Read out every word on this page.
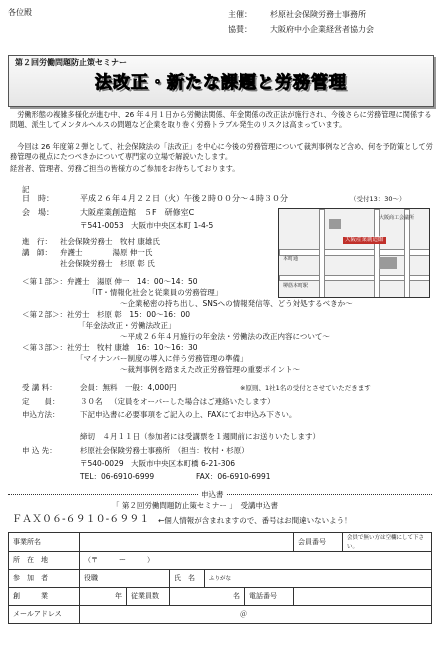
各位殿	主催： 杉原社会保険労務士事務所
協賛： 大阪府中小企業経営者協力会
第２回労働問題防止策セミナー
法改正・新たな課題と労務管理
労働形態の複雑多様化が進む中、26 年４月１日から労働法関係、年金関係の改正法が施行され、今後さらに労務管理に関係する問題、派生してメンタルヘルスの問題など企業を取り巻く労務トラブル発生のリスクは高まっています。
今回は 26 年度第２弾として、社会保険法の「法改正」を中心に今後の労務管理について裁判事例など含め、何を予防策として労務管理の視点にたつべきかについて専門家の立場で解説いたします。
経営者、管理者、労務ご担当の皆様方のご参加をお待ちしております。
記
日　時：	平成２６年４月２２日（火）午後２時００分～４時３０分	（受付13：30～）
会　場：	大阪産業創造館　５F　研修室C
〒541-0053　大阪市中央区本町 1-4-5
進　行： 社会保険労務士　牧村 康雄氏
講　師： 弁護士　　　　湯原 伸一氏
社会保険労務士　杉原 彰 氏
大阪産業創造館
大阪商工会議所
本町通
堺筋本町駅
＜第１部＞：弁護士　湯原 伸一　14：00～14：50
「IT・情報化社会と従業員の労務管理」
～企業秘密の持ち出し、SNSへの情報発信等、どう対処するべきか～
＜第２部＞：社労士　杉原 彰　15：00～16：00
「年金法改正・労働法改正」
～平成２６年４月施行の年金法・労働法の改正内容について～
＜第３部＞：社労士　牧村 康雄　16：10～16：30
「マイナンバー制度の導入に伴う労務管理の準備」
～裁判事例を踏まえた改正労務管理の重要ポイント～
受 講 料：	会員：無料　一般：4,000円	※原則、1社1名の受付とさせていただきます
定　　員：	３０名 （定員をオーバーした場合はご連絡いたします）
申込方法：	下記申込書に必要事項をご記入の上、FAXにてお申込み下さい。
締切　４月１１日（参加者には受講票を１週間前にお送りいたします）
申 込 先：	杉原社会保険労務士事務所　（担当：牧村・杉原）
〒540-0029　大阪市中央区本町橋 6-21-306
TEL：06-6910-6999	FAX：06-6910-6991
申込書
「 第２回労働問題防止策セミナー 」　受講申込書
ＦＡＸ０６-６９１０-６９９１ ←個人情報が含まれますので、番号はお間違いないよう！
事業所名						会員番号	会員で無い方は空欄にして下さい。
所　在　地	（〒　　　ー　　　）						
参　加　者	役職		氏　名	ふりがな			
創　　　業	年	従業員数	名		電話番号		
メールアドレス	＠						
